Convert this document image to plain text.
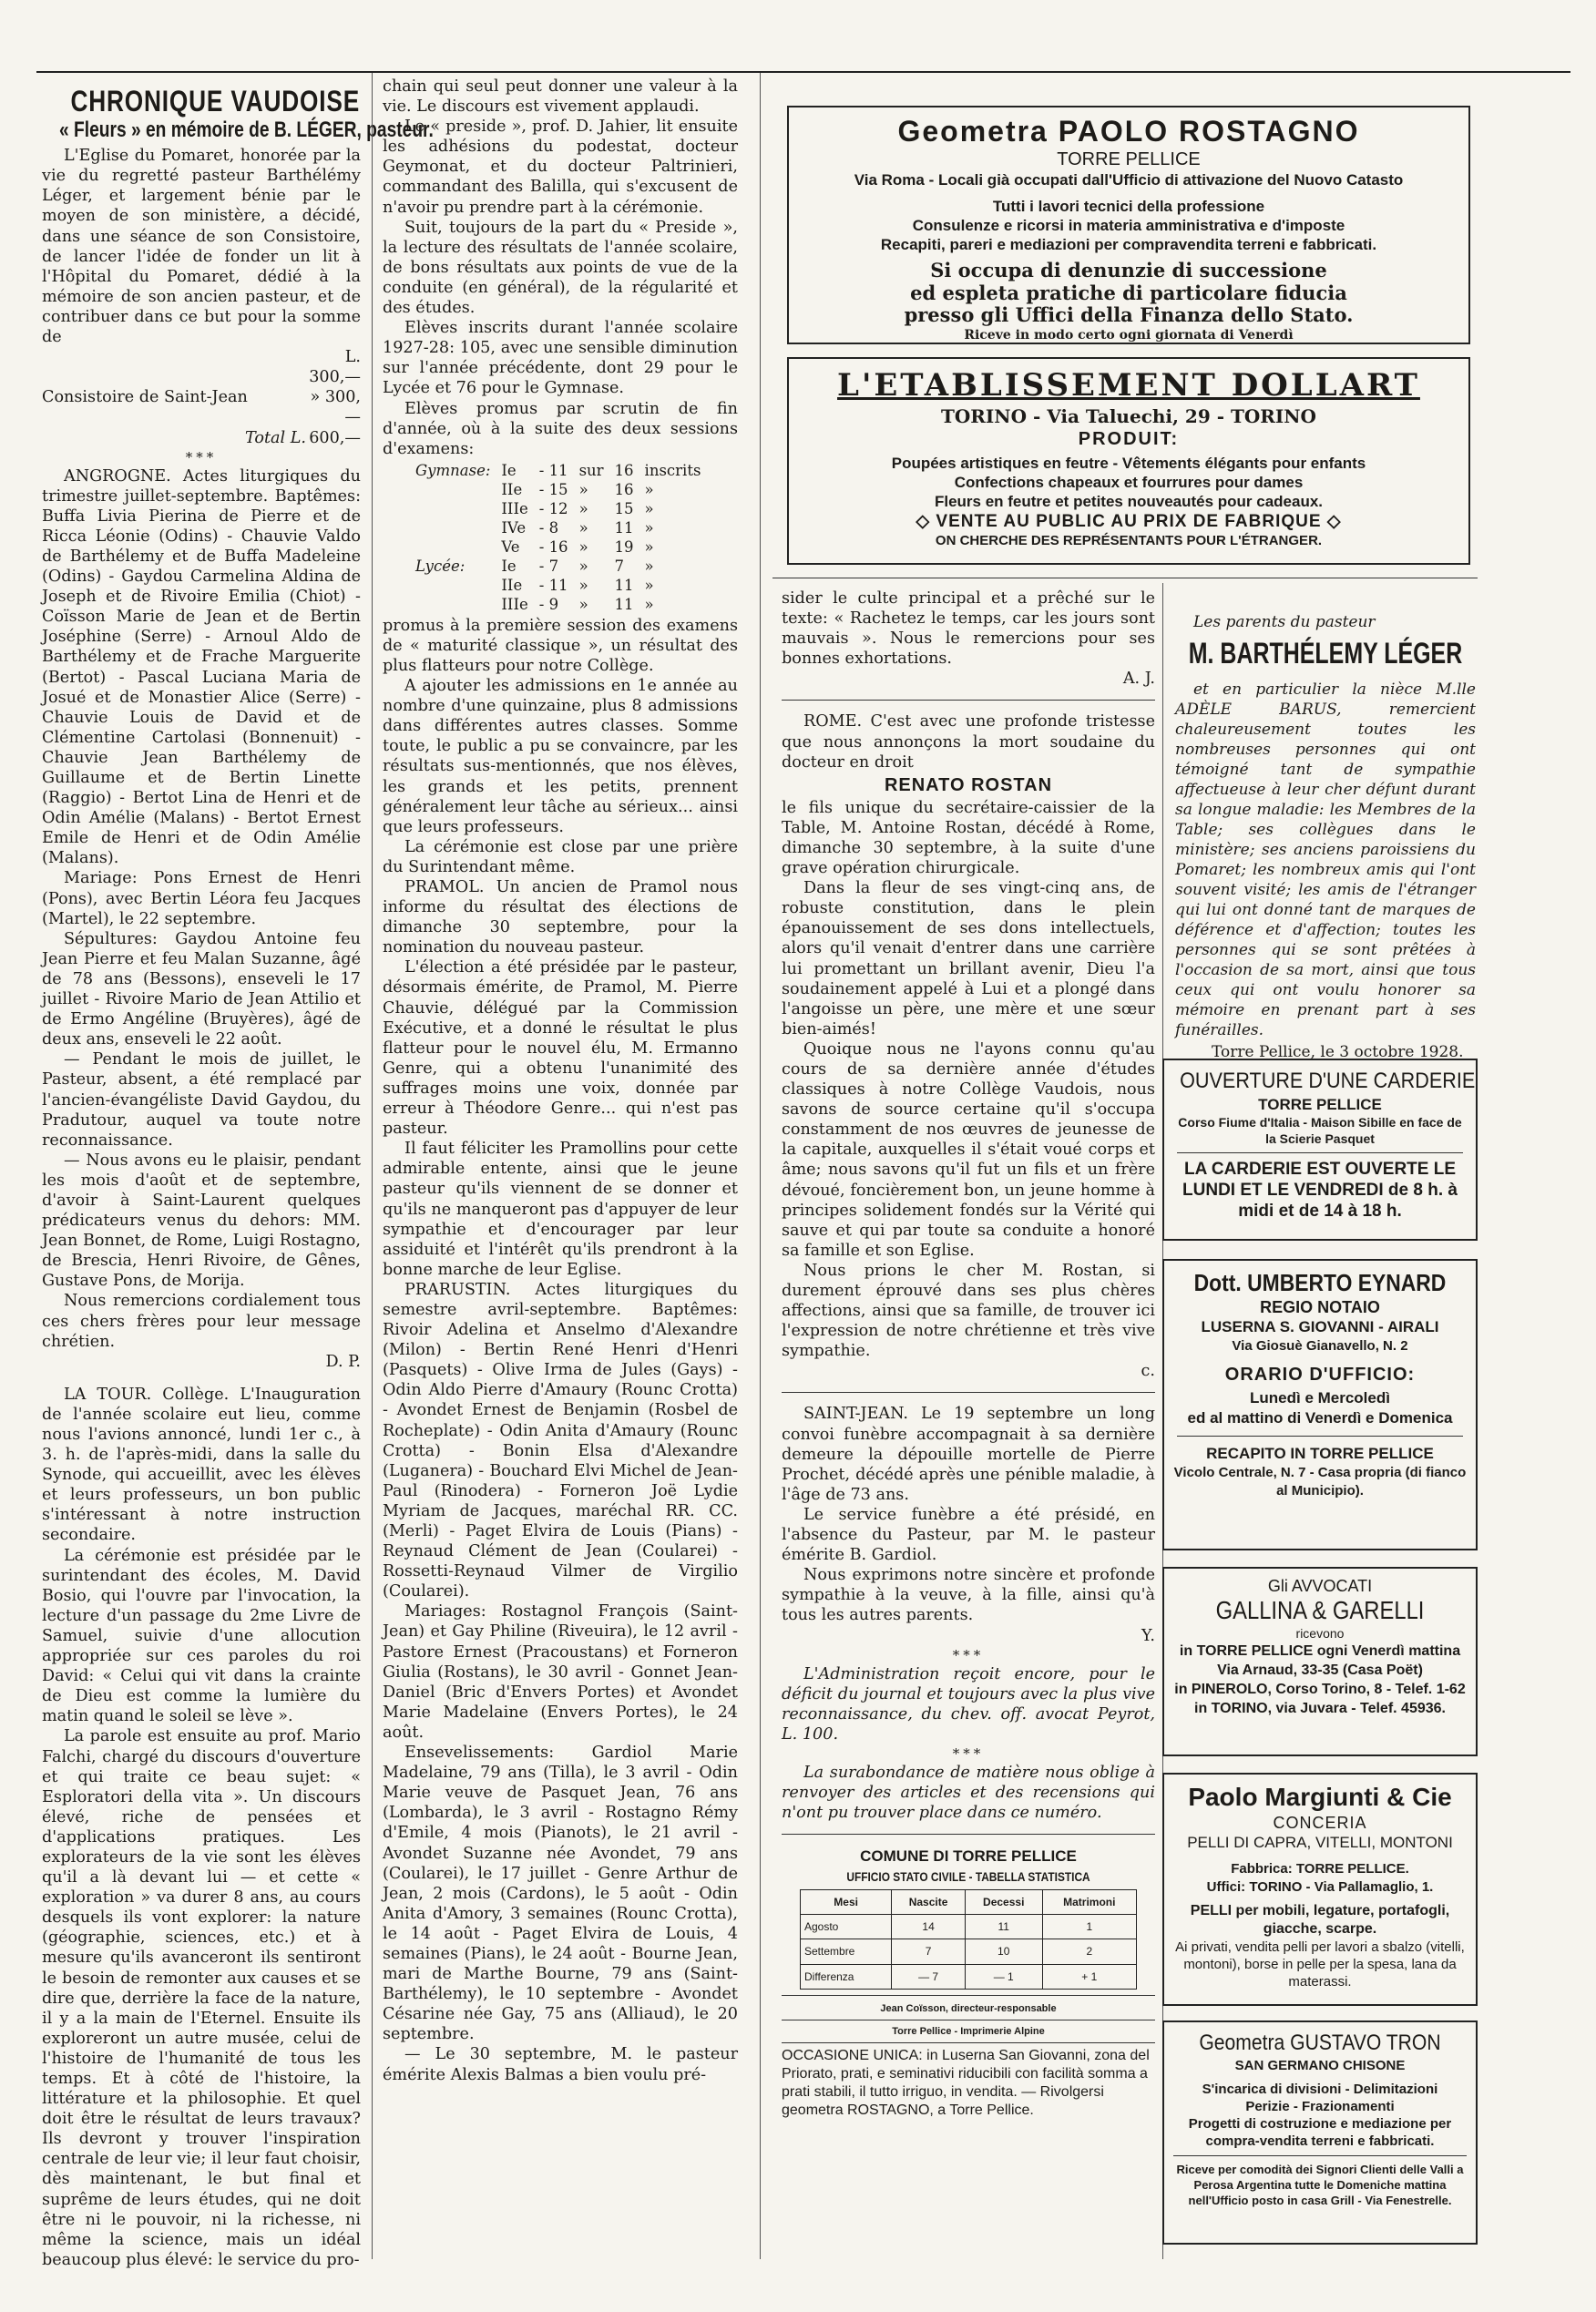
CHRONIQUE VAUDOISE
« Fleurs » en mémoire de B. LÉGER, pasteur.

L'Eglise du Pomaret, honorée par la vie du regretté pasteur Barthélémy Léger, et largement bénie par le moyen de son ministère, a décidé, dans une séance de son Consistoire, de lancer l'idée de fonder un lit à l'Hôpital du Pomaret, dédié à la mémoire de son ancien pasteur, et de contribuer dans ce but pour la somme de

L. 300,—
Consistoire de Saint-Jean	» 300,—
Total L. 600,—
***

ANGROGNE. Actes liturgiques du trimestre juillet-septembre. Baptêmes: Buffa Livia Pierina de Pierre et de Ricca Léonie (Odins) - Chauvie Valdo de Barthélemy et de Buffa Madeleine (Odins) - Gaydou Carmelina Aldina de Joseph et de Rivoire Emilia (Chiot) - Coïsson Marie de Jean et de Bertin Joséphine (Serre) - Arnoul Aldo de Barthélemy et de Frache Marguerite (Bertot) - Pascal Luciana Maria de Josué et de Monastier Alice (Serre) - Chauvie Louis de David et de Clémentine Cartolasi (Bonnenuit) - Chauvie Jean Barthélemy de Guillaume et de Bertin Linette (Raggio) - Bertot Lina de Henri et de Odin Amélie (Malans) - Bertot Ernest Emile de Henri et de Odin Amélie (Malans).

Mariage: Pons Ernest de Henri (Pons), avec Bertin Léora feu Jacques (Martel), le 22 septembre.

Sépultures: Gaydou Antoine feu Jean Pierre et feu Malan Suzanne, âgé de 78 ans (Bessons), enseveli le 17 juillet - Rivoire Mario de Jean Attilio et de Ermo Angéline (Bruyères), âgé de deux ans, enseveli le 22 août.

— Pendant le mois de juillet, le Pasteur, absent, a été remplacé par l'ancien-évangéliste David Gaydou, du Pradutour, auquel va toute notre reconnaissance.

— Nous avons eu le plaisir, pendant les mois d'août et de septembre, d'avoir à Saint-Laurent quelques prédicateurs venus du dehors: MM. Jean Bonnet, de Rome, Luigi Rostagno, de Brescia, Henri Rivoire, de Gênes, Gustave Pons, de Morija.

Nous remercions cordialement tous ces chers frères pour leur message chrétien.

D. P.

LA TOUR. Collège. L'Inauguration de l'année scolaire eut lieu, comme nous l'avions annoncé, lundi 1er c., à 3. h. de l'après-midi, dans la salle du Synode, qui accueillit, avec les élèves et leurs professeurs, un bon public s'intéressant à notre instruction secondaire.

La cérémonie est présidée par le surintendant des écoles, M. David Bosio, qui l'ouvre par l'invocation, la lecture d'un passage du 2me Livre de Samuel, suivie d'une allocution appropriée sur ces paroles du roi David: « Celui qui vit dans la crainte de Dieu est comme la lumière du matin quand le soleil se lève ».

La parole est ensuite au prof. Mario Falchi, chargé du discours d'ouverture et qui traite ce beau sujet: « Esploratori della vita ». Un discours élevé, riche de pensées et d'applications pratiques. Les explorateurs de la vie sont les élèves qu'il a là devant lui — et cette « exploration » va durer 8 ans, au cours desquels ils vont explorer: la nature (géographie, sciences, etc.) et à mesure qu'ils avanceront ils sentiront le besoin de remonter aux causes et se dire que, derrière la face de la nature, il y a la main de l'Eternel. Ensuite ils exploreront un autre musée, celui de l'histoire de l'humanité de tous les temps. Et à côté de l'histoire, la littérature et la philosophie. Et quel doit être le résultat de leurs travaux? Ils devront y trouver l'inspiration centrale de leur vie; il leur faut choisir, dès maintenant, le but final et suprême de leurs études, qui ne doit être ni le pouvoir, ni la richesse, ni même la science, mais un idéal beaucoup plus élevé: le service du pro-

chain qui seul peut donner une valeur à la vie. Le discours est vivement applaudi.

Le « preside », prof. D. Jahier, lit ensuite les adhésions du podestat, docteur Geymonat, et du docteur Paltrinieri, commandant des Balilla, qui s'excusent de n'avoir pu prendre part à la cérémonie.

Suit, toujours de la part du « Preside », la lecture des résultats de l'année scolaire, de bons résultats aux points de vue de la conduite (en général), de la régularité et des études.

Elèves inscrits durant l'année scolaire 1927-28: 105, avec une sensible diminution sur l'année précédente, dont 29 pour le Lycée et 76 pour le Gymnase.

Elèves promus par scrutin de fin d'année, où à la suite des deux sessions d'examens:

Gymnase:	Ie	- 11	sur	16	inscrits
	IIe	- 15	»	16	»
	IIIe	- 12	»	15	»
	IVe	- 8	»	11	»
	Ve	- 16	»	19	»
Lycée:	Ie	- 7	»	7	»
	IIe	- 11	»	11	»
	IIIe	- 9	»	11	»

promus à la première session des examens de « maturité classique », un résultat des plus flatteurs pour notre Collège.

A ajouter les admissions en 1e année au nombre d'une quinzaine, plus 8 admissions dans différentes autres classes. Somme toute, le public a pu se convaincre, par les résultats sus-mentionnés, que nos élèves, les grands et les petits, prennent généralement leur tâche au sérieux... ainsi que leurs professeurs.

La cérémonie est close par une prière du Surintendant même.

PRAMOL. Un ancien de Pramol nous informe du résultat des élections de dimanche 30 septembre, pour la nomination du nouveau pasteur.

L'élection a été présidée par le pasteur, désormais émérite, de Pramol, M. Pierre Chauvie, délégué par la Commission Exécutive, et a donné le résultat le plus flatteur pour le nouvel élu, M. Ermanno Genre, qui a obtenu l'unanimité des suffrages moins une voix, donnée par erreur à Théodore Genre... qui n'est pas pasteur.

Il faut féliciter les Pramollins pour cette admirable entente, ainsi que le jeune pasteur qu'ils viennent de se donner et qu'ils ne manqueront pas d'appuyer de leur sympathie et d'encourager par leur assiduité et l'intérêt qu'ils prendront à la bonne marche de leur Eglise.

PRARUSTIN. Actes liturgiques du semestre avril-septembre. Baptêmes: Rivoir Adelina et Anselmo d'Alexandre (Milon) - Bertin René Henri d'Henri (Pasquets) - Olive Irma de Jules (Gays) - Odin Aldo Pierre d'Amaury (Rounc Crotta) - Avondet Ernest de Benjamin (Rosbel de Rocheplate) - Odin Anita d'Amaury (Rounc Crotta) - Bonin Elsa d'Alexandre (Luganera) - Bouchard Elvi Michel de Jean-Paul (Rinodera) - Forneron Joë Lydie Myriam de Jacques, maréchal RR. CC. (Merli) - Paget Elvira de Louis (Pians) - Reynaud Clément de Jean (Coularei) - Rossetti-Reynaud Vilmer de Virgilio (Coularei).

Mariages: Rostagnol François (Saint-Jean) et Gay Philine (Riveuira), le 12 avril - Pastore Ernest (Pracoustans) et Forneron Giulia (Rostans), le 30 avril - Gonnet Jean-Daniel (Bric d'Envers Portes) et Avondet Marie Madelaine (Envers Portes), le 24 août.

Ensevelissements: Gardiol Marie Madelaine, 79 ans (Tilla), le 3 avril - Odin Marie veuve de Pasquet Jean, 76 ans (Lombarda), le 3 avril - Rostagno Rémy d'Emile, 4 mois (Pianots), le 21 avril - Avondet Suzanne née Avondet, 79 ans (Coularei), le 17 juillet - Genre Arthur de Jean, 2 mois (Cardons), le 5 août - Odin Anita d'Amory, 3 semaines (Rounc Crotta), le 14 août - Paget Elvira de Louis, 4 semaines (Pians), le 24 août - Bourne Jean, mari de Marthe Bourne, 79 ans (Saint-Barthélemy), le 10 septembre - Avondet Césarine née Gay, 75 ans (Alliaud), le 20 septembre.

— Le 30 septembre, M. le pasteur émérite Alexis Balmas a bien voulu pré-

Geometra PAOLO ROSTAGNO
TORRE PELLICE
Via Roma - Locali già occupati dall'Ufficio di attivazione del Nuovo Catasto
Tutti i lavori tecnici della professione
Consulenze e ricorsi in materia amministrativa e d'imposte
Recapiti, pareri e mediazioni per compravendita terreni e fabbricati.
Si occupa di denunzie di successione
ed espleta pratiche di particolare fiducia
presso gli Uffici della Finanza dello Stato.
Riceve in modo certo ogni giornata di Venerdì
L'ETABLISSEMENT DOLLART
TORINO - Via Taluechi, 29 - TORINO
PRODUIT:
Poupées artistiques en feutre - Vêtements élégants pour enfants
Confections chapeaux et fourrures pour dames
Fleurs en feutre et petites nouveautés pour cadeaux.
◇ VENTE AU PUBLIC AU PRIX DE FABRIQUE ◇
ON CHERCHE DES REPRÉSENTANTS POUR L'ÉTRANGER.

sider le culte principal et a prêché sur le texte: « Rachetez le temps, car les jours sont mauvais ». Nous le remercions pour ses bonnes exhortations.

A. J.

ROME. C'est avec une profonde tristesse que nous annonçons la mort soudaine du docteur en droit

RENATO ROSTAN

le fils unique du secrétaire-caissier de la Table, M. Antoine Rostan, décédé à Rome, dimanche 30 septembre, à la suite d'une grave opération chirurgicale.

Dans la fleur de ses vingt-cinq ans, de robuste constitution, dans le plein épanouissement de ses dons intellectuels, alors qu'il venait d'entrer dans une carrière lui promettant un brillant avenir, Dieu l'a soudainement appelé à Lui et a plongé dans l'angoisse un père, une mère et une sœur bien-aimés!

Quoique nous ne l'ayons connu qu'au cours de sa dernière année d'études classiques à notre Collège Vaudois, nous savons de source certaine qu'il s'occupa constamment de nos œuvres de jeunesse de la capitale, auxquelles il s'était voué corps et âme; nous savons qu'il fut un fils et un frère dévoué, foncièrement bon, un jeune homme à principes solidement fondés sur la Vérité qui sauve et qui par toute sa conduite a honoré sa famille et son Eglise.

Nous prions le cher M. Rostan, si durement éprouvé dans ses plus chères affections, ainsi que sa famille, de trouver ici l'expression de notre chrétienne et très vive sympathie.

c.

SAINT-JEAN. Le 19 septembre un long convoi funèbre accompagnait à sa dernière demeure la dépouille mortelle de Pierre Prochet, décédé après une pénible maladie, à l'âge de 73 ans.

Le service funèbre a été présidé, en l'absence du Pasteur, par M. le pasteur émérite B. Gardiol.

Nous exprimons notre sincère et profonde sympathie à la veuve, à la fille, ainsi qu'à tous les autres parents.

Y.
***

L'Administration reçoit encore, pour le déficit du journal et toujours avec la plus vive reconnaissance, du chev. off. avocat Peyrot, L. 100.

***

La surabondance de matière nous oblige à renvoyer des articles et des recensions qui n'ont pu trouver place dans ce numéro.

COMUNE DI TORRE PELLICE
UFFICIO STATO CIVILE - TABELLA STATISTICA
Mesi	Nascite	Decessi	Matrimoni
Agosto	14	11	1
Settembre	7	10	2
Differenza	— 7	— 1	+ 1
Jean Coïsson, directeur-responsable
Torre Pellice - Imprimerie Alpine

OCCASIONE UNICA: in Luserna San Giovanni, zona del Priorato, prati, e seminativi riducibili con facilità somma a prati stabili, il tutto irriguo, in vendita. — Rivolgersi geometra ROSTAGNO, a Torre Pellice.

Les parents du pasteur
M. BARTHÉLEMY LÉGER
et en particulier la nièce M.lle ADÈLE BARUS, remercient chaleureusement toutes les nombreuses personnes qui ont témoigné tant de sympathie affectueuse à leur cher défunt durant sa longue maladie: les Membres de la Table; ses collègues dans le ministère; ses anciens paroissiens du Pomaret; les nombreux amis qui l'ont souvent visité; les amis de l'étranger qui lui ont donné tant de marques de déférence et d'affection; toutes les personnes qui se sont prêtées à l'occasion de sa mort, ainsi que tous ceux qui ont voulu honorer sa mémoire en prenant part à ses funérailles.
Torre Pellice, le 3 octobre 1928.
OUVERTURE D'UNE CARDERIE
TORRE PELLICE
Corso Fiume d'Italia - Maison Sibille en face de la Scierie Pasquet
LA CARDERIE EST OUVERTE LE LUNDI ET LE VENDREDI de 8 h. à midi et de 14 à 18 h.
Dott. UMBERTO EYNARD
REGIO NOTAIO
LUSERNA S. GIOVANNI - AIRALI
Via Giosuè Gianavello, N. 2
ORARIO D'UFFICIO:
Lunedì e Mercoledì
ed al mattino di Venerdì e Domenica
RECAPITO IN TORRE PELLICE
Vicolo Centrale, N. 7 - Casa propria (di fianco al Municipio).
Gli AVVOCATI
GALLINA & GARELLI
ricevono
in TORRE PELLICE ogni Venerdì mattina
Via Arnaud, 33-35 (Casa Poët)
in PINEROLO, Corso Torino, 8 - Telef. 1-62
in TORINO, via Juvara - Telef. 45936.
Paolo Margiunti & Cie
CONCERIA
PELLI DI CAPRA, VITELLI, MONTONI
Fabbrica: TORRE PELLICE.
Uffici: TORINO - Via Pallamaglio, 1.
PELLI per mobili, legature, portafogli, giacche, scarpe.
Ai privati, vendita pelli per lavori a sbalzo (vitelli, montoni), borse in pelle per la spesa, lana da materassi.
Geometra GUSTAVO TRON
SAN GERMANO CHISONE
S'incarica di divisioni - Delimitazioni
Perizie - Frazionamenti
Progetti di costruzione e mediazione per compra-vendita terreni e fabbricati.
Riceve per comodità dei Signori Clienti delle Valli a Perosa Argentina tutte le Domeniche mattina nell'Ufficio posto in casa Grill - Via Fenestrelle.
